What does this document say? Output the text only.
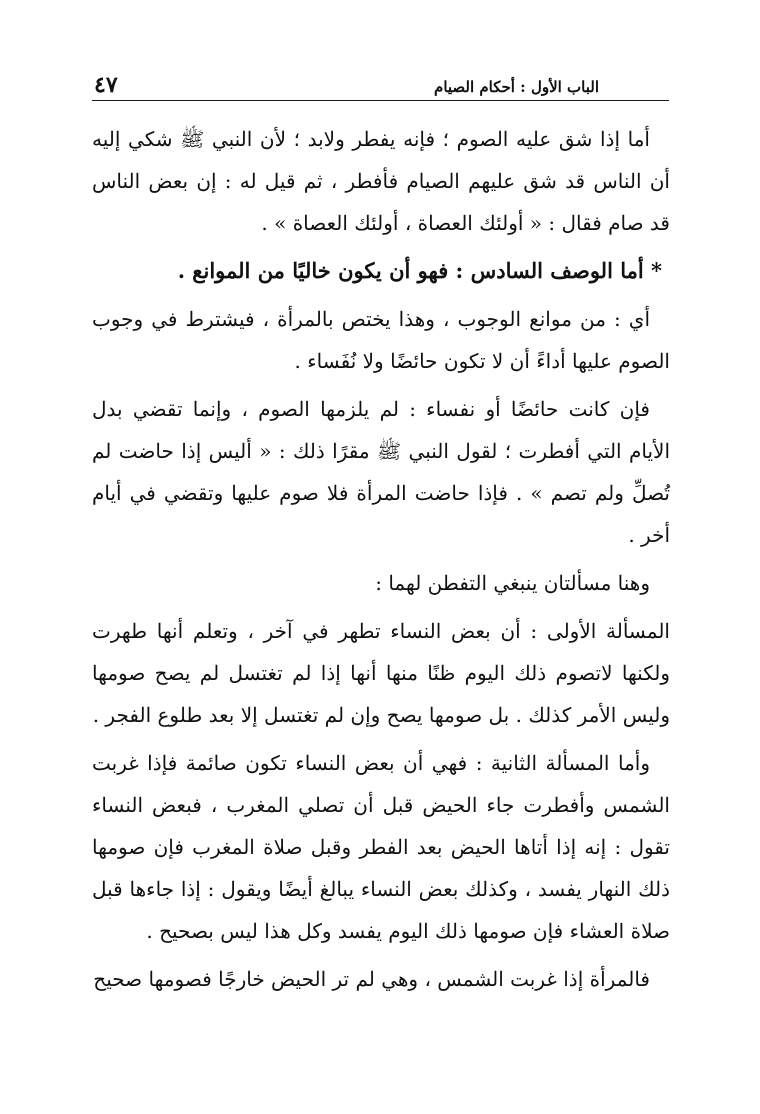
الباب الأول : أحكام الصيام
٤٧

أما إذا شق عليه الصوم ؛ فإنه يفطر ولابد ؛ لأن النبي ﷺ شكي إليه أن الناس قد شق عليهم الصيام فأفطر ، ثم قيل له : إن بعض الناس قد صام فقال : « أولئك العصاة ، أولئك العصاة » .

* أما الوصف السادس : فهو أن يكون خاليًا من الموانع .

أي : من موانع الوجوب ، وهذا يختص بالمرأة ، فيشترط في وجوب الصوم عليها أداءً أن لا تكون حائضًا ولا نُفَساء .

فإن كانت حائضًا أو نفساء : لم يلزمها الصوم ، وإنما تقضي بدل الأيام التي أفطرت ؛ لقول النبي ﷺ مقرًا ذلك : « أليس إذا حاضت لم تُصلِّ ولم تصم » . فإذا حاضت المرأة فلا صوم عليها وتقضي في أيام أخر .

وهنا مسألتان ينبغي التفطن لهما :

المسألة الأولى : أن بعض النساء تطهر في آخر ، وتعلم أنها طهرت ولكنها لاتصوم ذلك اليوم ظنًا منها أنها إذا لم تغتسل لم يصح صومها وليس الأمر كذلك . بل صومها يصح وإن لم تغتسل إلا بعد طلوع الفجر .

وأما المسألة الثانية : فهي أن بعض النساء تكون صائمة فإذا غربت الشمس وأفطرت جاء الحيض قبل أن تصلي المغرب ، فبعض النساء تقول : إنه إذا أتاها الحيض بعد الفطر وقبل صلاة المغرب فإن صومها ذلك النهار يفسد ، وكذلك بعض النساء يبالغ أيضًا ويقول : إذا جاءها قبل صلاة العشاء فإن صومها ذلك اليوم يفسد وكل هذا ليس بصحيح .

فالمرأة إذا غربت الشمس ، وهي لم تر الحيض خارجًا فصومها صحيح
